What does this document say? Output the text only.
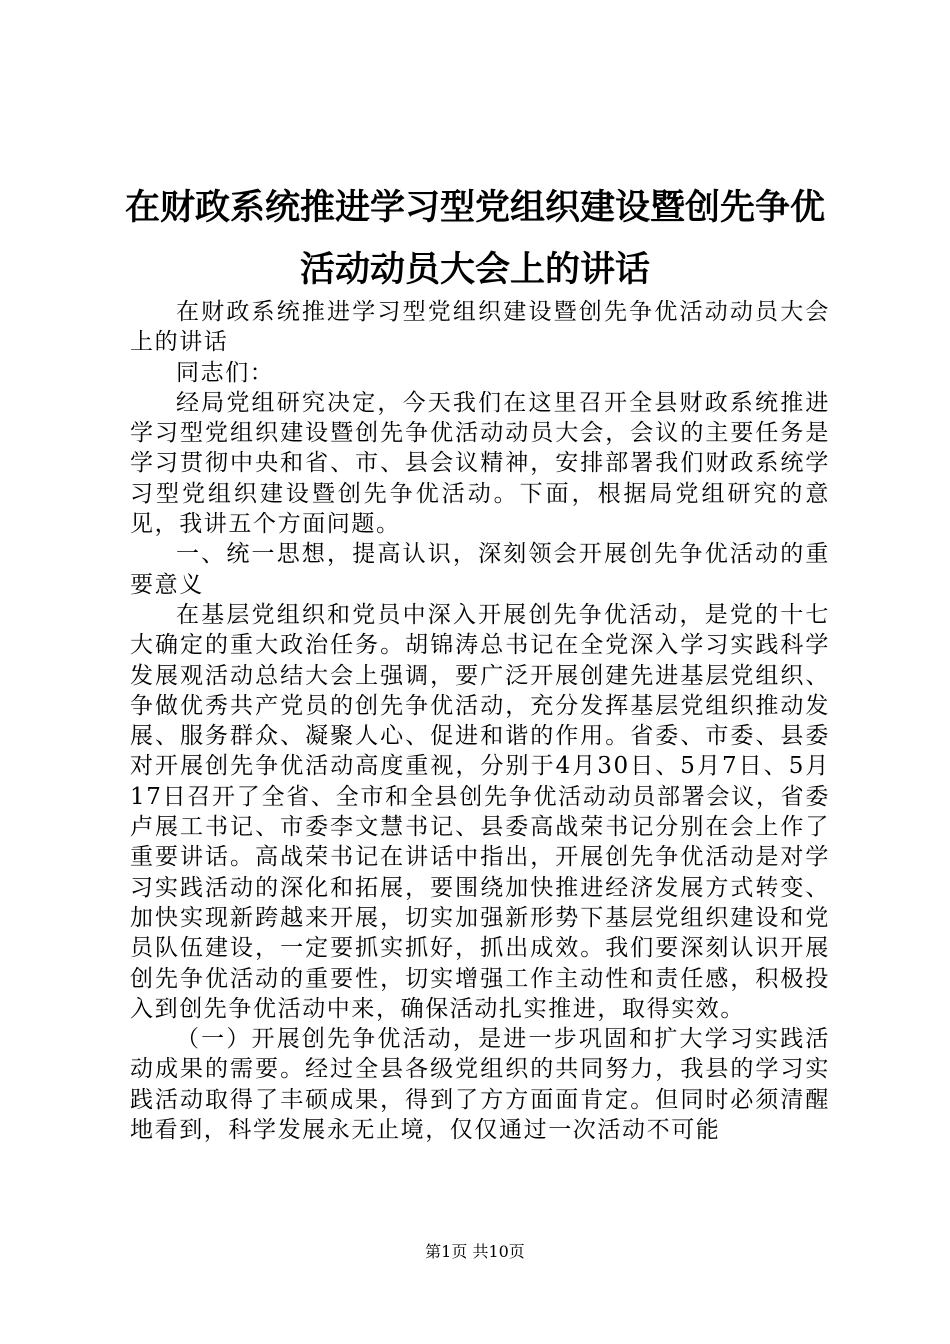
在财政系统推进学习型党组织建设暨创先争优
活动动员大会上的讲话

在财政系统推进学习型党组织建设暨创先争优活动动员大会上的讲话

同志们：

经局党组研究决定，今天我们在这里召开全县财政系统推进学习型党组织建设暨创先争优活动动员大会，会议的主要任务是学习贯彻中央和省、市、县会议精神，安排部署我们财政系统学习型党组织建设暨创先争优活动。下面，根据局党组研究的意见，我讲五个方面问题。

一、统一思想，提高认识，深刻领会开展创先争优活动的重要意义

在基层党组织和党员中深入开展创先争优活动，是党的十七大确定的重大政治任务。胡锦涛总书记在全党深入学习实践科学发展观活动总结大会上强调，要广泛开展创建先进基层党组织、争做优秀共产党员的创先争优活动，充分发挥基层党组织推动发展、服务群众、凝聚人心、促进和谐的作用。省委、市委、县委对开展创先争优活动高度重视，分别于4月30日、5月7日、5月17日召开了全省、全市和全县创先争优活动动员部署会议，省委卢展工书记、市委李文慧书记、县委高战荣书记分别在会上作了重要讲话。高战荣书记在讲话中指出，开展创先争优活动是对学习实践活动的深化和拓展，要围绕加快推进经济发展方式转变、加快实现新跨越来开展，切实加强新形势下基层党组织建设和党员队伍建设，一定要抓实抓好，抓出成效。我们要深刻认识开展创先争优活动的重要性，切实增强工作主动性和责任感，积极投入到创先争优活动中来，确保活动扎实推进，取得实效。

（一）开展创先争优活动，是进一步巩固和扩大学习实践活动成果的需要。经过全县各级党组织的共同努力，我县的学习实践活动取得了丰硕成果，得到了方方面面肯定。但同时必须清醒地看到，科学发展永无止境，仅仅通过一次活动不可能

第1页 共10页
